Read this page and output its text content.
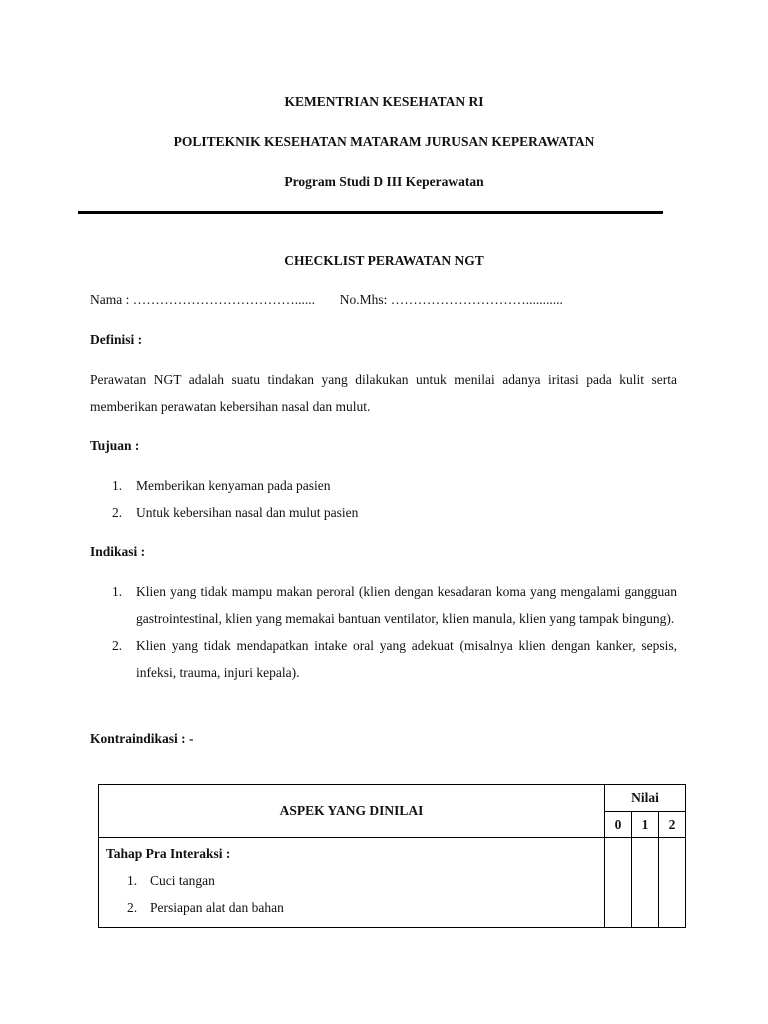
KEMENTRIAN KESEHATAN RI
POLITEKNIK KESEHATAN MATARAM JURUSAN KEPERAWATAN
Program Studi D III Keperawatan
CHECKLIST PERAWATAN NGT
Nama : ………………………………...... No.Mhs: …………………………...........
Definisi :
Perawatan NGT adalah suatu tindakan yang dilakukan untuk menilai adanya iritasi pada kulit serta memberikan perawatan kebersihan nasal dan mulut.
Tujuan :
1. Memberikan kenyaman pada pasien
2. Untuk kebersihan nasal dan mulut pasien
Indikasi :
1. Klien yang tidak mampu makan peroral (klien dengan kesadaran koma yang mengalami gangguan gastrointestinal, klien yang memakai bantuan ventilator, klien manula, klien yang tampak bingung).
2. Klien yang tidak mendapatkan intake oral yang adekuat (misalnya klien dengan kanker, sepsis, infeksi, trauma, injuri kepala).
Kontraindikasi : -
ASPEK YANG DINILAI	Nilai		
	0	1	2

Tahap Pra Interaksi :
1. Cuci tangan
2. Persiapan alat dan bahan			
